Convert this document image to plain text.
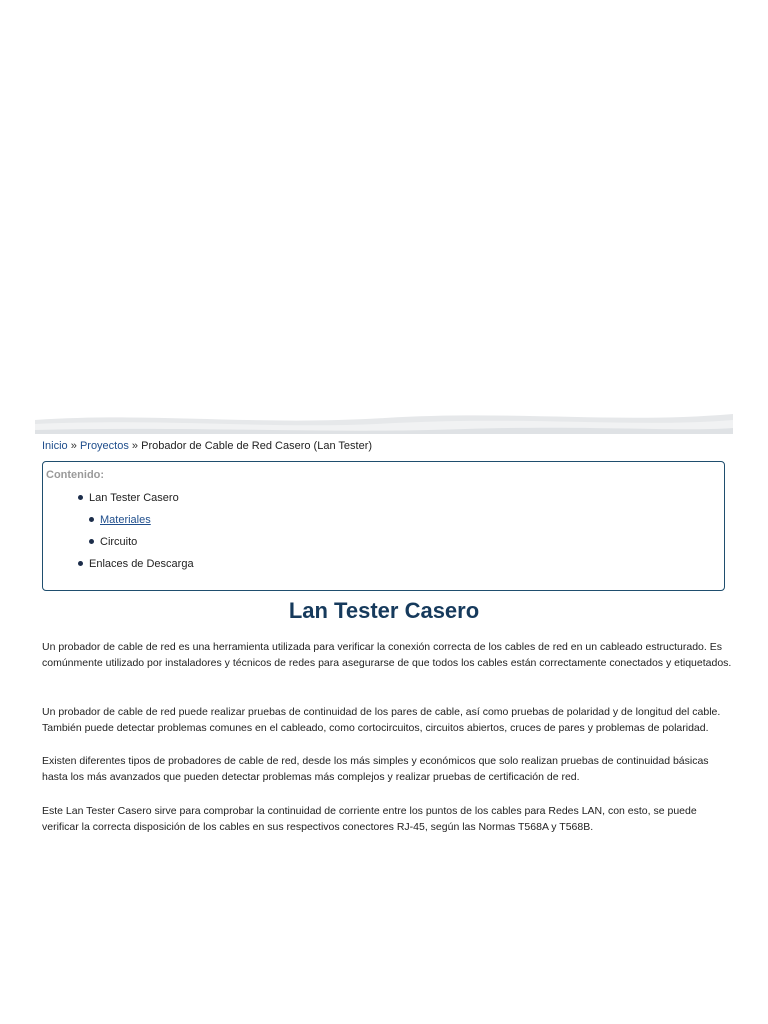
Inicio » Proyectos » Probador de Cable de Red Casero (Lan Tester)
Contenido:
Lan Tester Casero
Materiales
Circuito
Enlaces de Descarga
Lan Tester Casero

Un probador de cable de red es una herramienta utilizada para verificar la conexión correcta de los cables de red en un cableado estructurado. Es comúnmente utilizado por instaladores y técnicos de redes para asegurarse de que todos los cables están correctamente conectados y etiquetados.

Un probador de cable de red puede realizar pruebas de continuidad de los pares de cable, así como pruebas de polaridad y de longitud del cable. También puede detectar problemas comunes en el cableado, como cortocircuitos, circuitos abiertos, cruces de pares y problemas de polaridad.

Existen diferentes tipos de probadores de cable de red, desde los más simples y económicos que solo realizan pruebas de continuidad básicas hasta los más avanzados que pueden detectar problemas más complejos y realizar pruebas de certificación de red.

Este Lan Tester Casero sirve para comprobar la continuidad de corriente entre los puntos de los cables para Redes LAN, con esto, se puede verificar la correcta disposición de los cables en sus respectivos conectores RJ-45, según las Normas T568A y T568B.
